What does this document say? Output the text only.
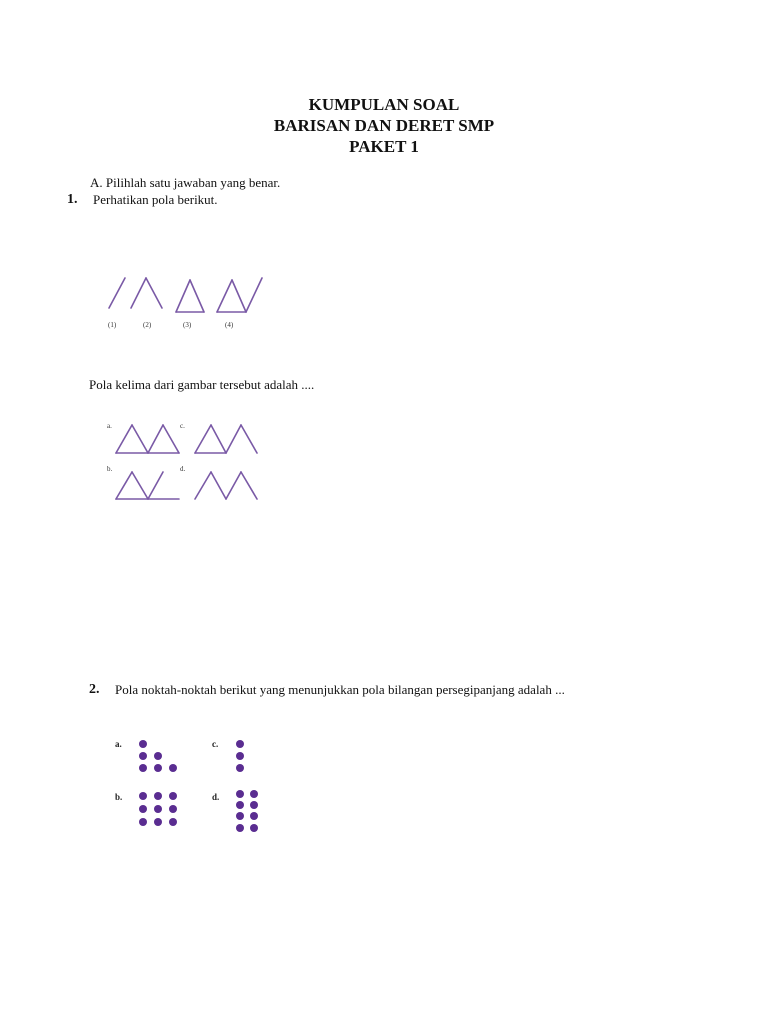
KUMPULAN SOAL
BARISAN DAN DERET SMP
PAKET 1
A. Pilihlah satu jawaban yang benar.
1. Perhatikan pola berikut.
(1)	(2)	(3)	(4)
Pola kelima dari gambar tersebut adalah ....
a.
b.
c.
d.
2. Pola noktah-noktah berikut yang menunjukkan pola bilangan persegipanjang adalah ...
a.
b.
c.
d.
